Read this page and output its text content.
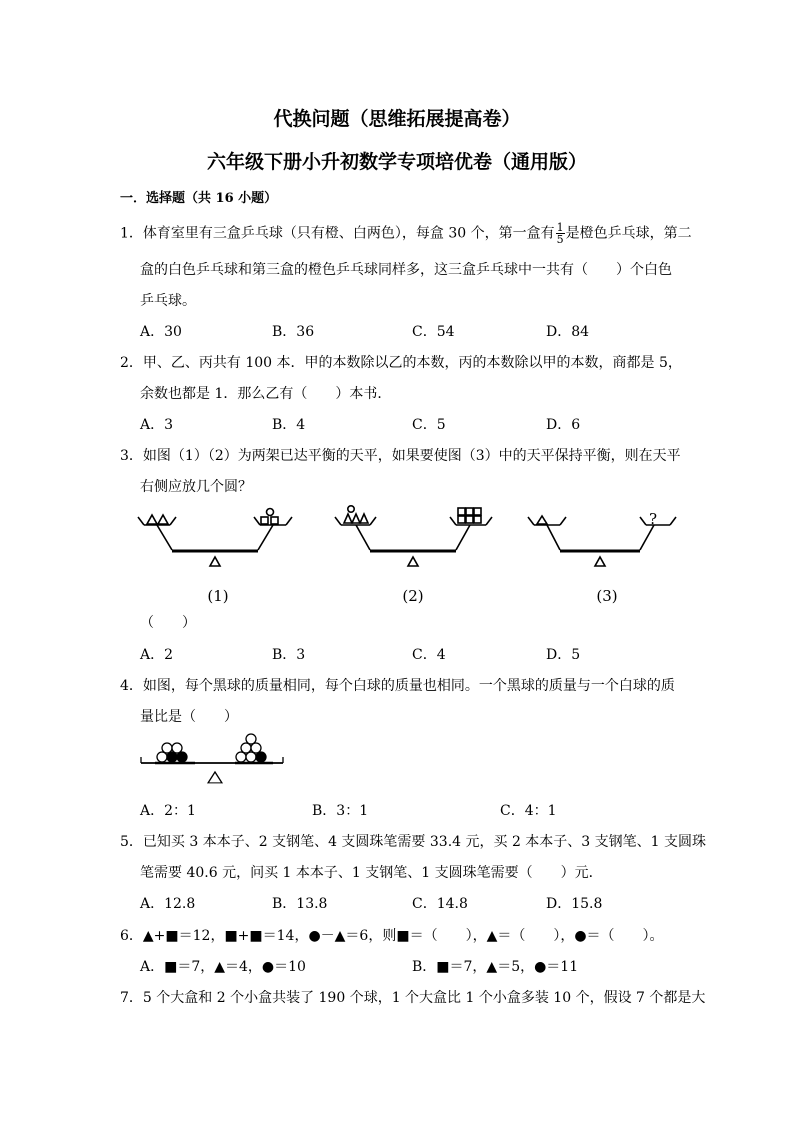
代换问题（思维拓展提高卷）
六年级下册小升初数学专项培优卷（通用版）
一．选择题（共 16 小题）
1．体育室里有三盒乒乓球（只有橙、白两色），每盒 30 个，第一盒有 $\frac{1}{5}$ 是橙色乒乓球，第二
盒的白色乒乓球和第三盒的橙色乒乓球同样多，这三盒乒乓球中一共有（　　）个白色
乒乓球。
A．30	B．36	C．54	D．84
2．甲、乙、丙共有 100 本．甲的本数除以乙的本数，丙的本数除以甲的本数，商都是 5，
余数也都是 1．那么乙有（　　）本书．
A．3	B．4	C．5	D．6
3．如图（1）（2）为两架已达平衡的天平，如果要使图（3）中的天平保持平衡，则在天平
右侧应放几个圆？
?
(1)	(2)	(3)
（　　）
A．2	B．3	C．4	D．5
4．如图，每个黑球的质量相同，每个白球的质量也相同。一个黑球的质量与一个白球的质
量比是（　　）
A．2：1	B．3：1	C．4：1
5．已知买 3 本本子、2 支钢笔、4 支圆珠笔需要 33.4 元，买 2 本本子、3 支钢笔、1 支圆珠
笔需要 40.6 元，问买 1 本本子、1 支钢笔、1 支圆珠笔需要（　　）元．
A．12.8	B．13.8	C．14.8	D．15.8
6．▲+■＝12，■+■＝14，●－▲＝6，则■＝（　　），▲＝（　　），●＝（　　）。
A．■＝7，▲＝4，●＝10	B．■＝7，▲＝5，●＝11
7．5 个大盒和 2 个小盒共装了 190 个球，1 个大盒比 1 个小盒多装 10 个，假设 7 个都是大
